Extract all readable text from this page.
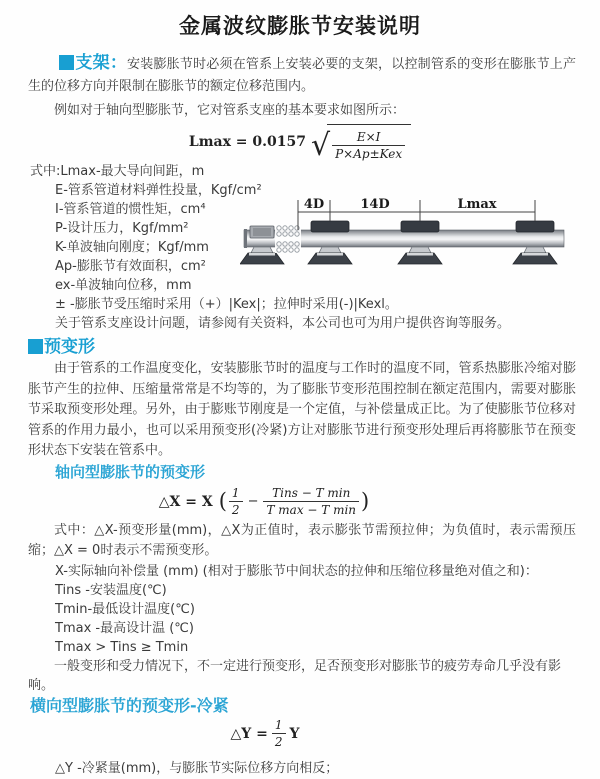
金属波纹膨胀节安装说明

支架：安装膨胀节时必须在管系上安装必要的支架，以控制管系的变形在膨胀节上产生的位移方向并限制在膨胀节的额定位移范围内。

例如对于轴向型膨胀节，它对管系支座的基本要求如图所示：

Lmax = 0.0157 √ $\frac{E\times I}{\text{P×Ap±Kex}}$
式中:Lmax-最大导向间距，m
E-管系管道材料弹性投量，Kgf/cm²
I-管系管道的惯性矩，cm⁴
P-设计压力，Kgf/mm²
K-单波轴向刚度；Kgf/mm
Ap-膨胀节有效面积，cm²
ex-单波轴向位移，mm
± -膨胀节受压缩时采用（+）|Kex|；拉伸时采用(-)|Kexl。
关于管系支座设计问题，请参阅有关资料，本公司也可为用户提供咨询等服务。
4D	14D	Lmax

预变形

由于管系的工作温度变化，安装膨胀节时的温度与工作时的温度不同，管系热膨胀冷缩对膨胀节产生的拉伸、压缩量常常是不均等的，为了膨胀节变形范围控制在额定范围内，需要对膨胀节采取预变形处理。另外，由于膨账节刚度是一个定值，与补偿量成正比。为了使膨胀节位移对管系的作用力最小，也可以采用预变形(冷紧)方让对膨胀节进行预变形处理后再将膨胀节在预变形状态下安装在管系中。

轴向型膨胀节的预变形
△X = X ( $\frac{1}{2} - \frac{\text{Tins − T min}}{\text{T max − T min}}$ )

式中：△X-预变形量(mm)，△X为正值时，表示膨张节需预拉伸；为负值时，表示需预压缩；△X = 0时表示不需预变形。

X-实际轴向补偿量 (mm) (相对于膨胀节中间状态的拉伸和压缩位移量绝对值之和)：
Tins -安装温度(℃)
Tmin-最低设计温度(℃)
Tmax -最高设计温 (℃)
Tmax > Tins ≥ Tmin

一般变形和受力情况下，不一定进行预变形，足否预变形对膨胀节的疲劳寿命几乎没有影响。

横向型膨胀节的预变形-冷紧
△Y = $\frac{1}{2}$ Y

△Y -冷紧量(mm)，与膨胀节实际位移方向相反；
